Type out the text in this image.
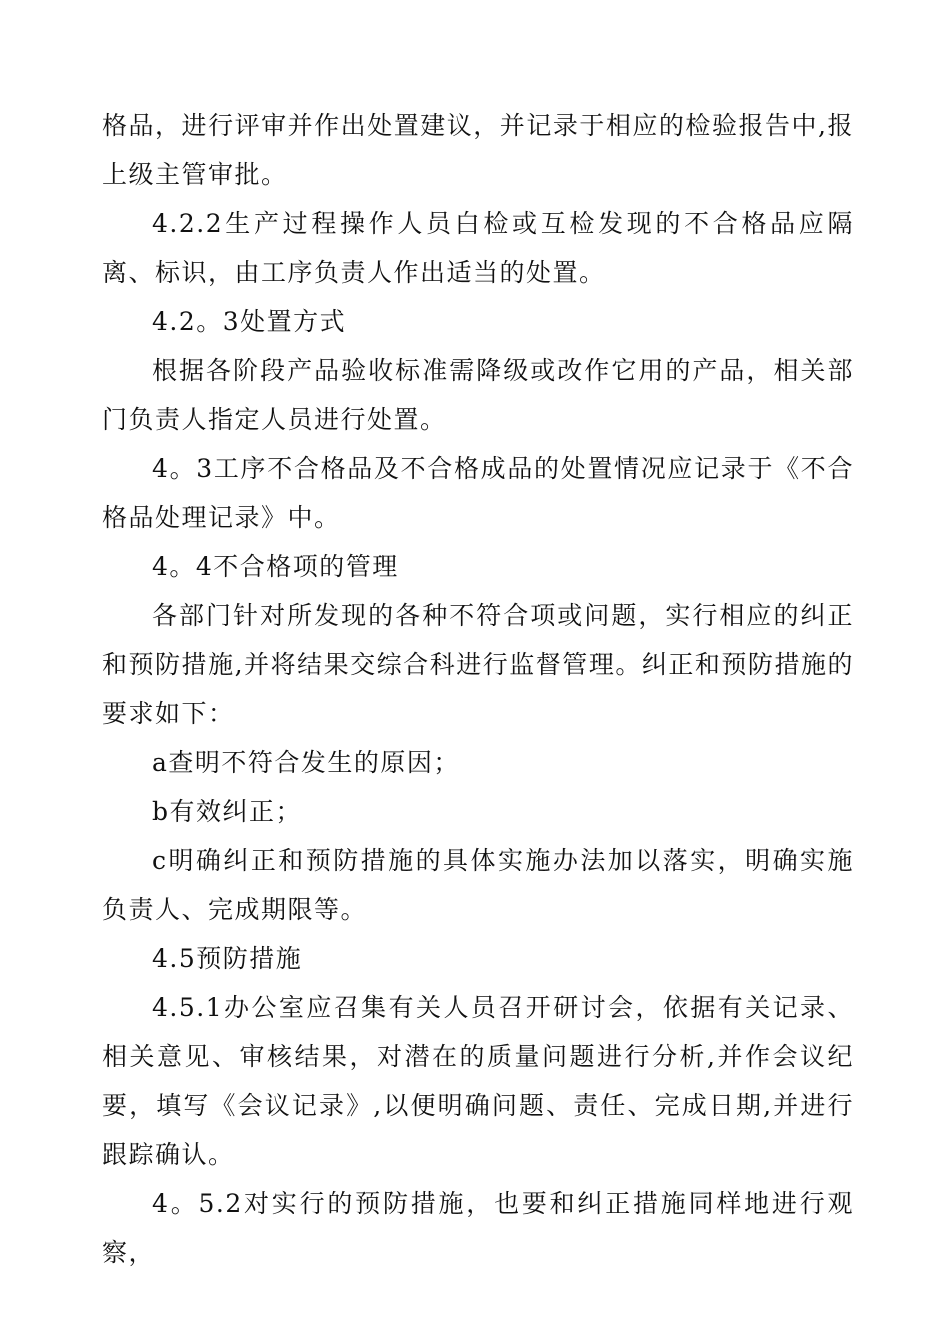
格品，进行评审并作出处置建议，并记录于相应的检验报告中,报上级主管审批。

4.2.2生产过程操作人员白检或互检发现的不合格品应隔离、标识，由工序负责人作出适当的处置。

4.2。3处置方式

根据各阶段产品验收标准需降级或改作它用的产品，相关部门负责人指定人员进行处置。

4。3工序不合格品及不合格成品的处置情况应记录于《不合格品处理记录》中。

4。4不合格项的管理

各部门针对所发现的各种不符合项或问题，实行相应的纠正和预防措施,并将结果交综合科进行监督管理。纠正和预防措施的要求如下：

a查明不符合发生的原因；

b有效纠正；

c明确纠正和预防措施的具体实施办法加以落实，明确实施负责人、完成期限等。

4.5预防措施

4.5.1办公室应召集有关人员召开研讨会，依据有关记录、相关意见、审核结果，对潜在的质量问题进行分析,并作会议纪要，填写《会议记录》,以便明确问题、责任、完成日期,并进行跟踪确认。

4。5.2对实行的预防措施，也要和纠正措施同样地进行观察，
